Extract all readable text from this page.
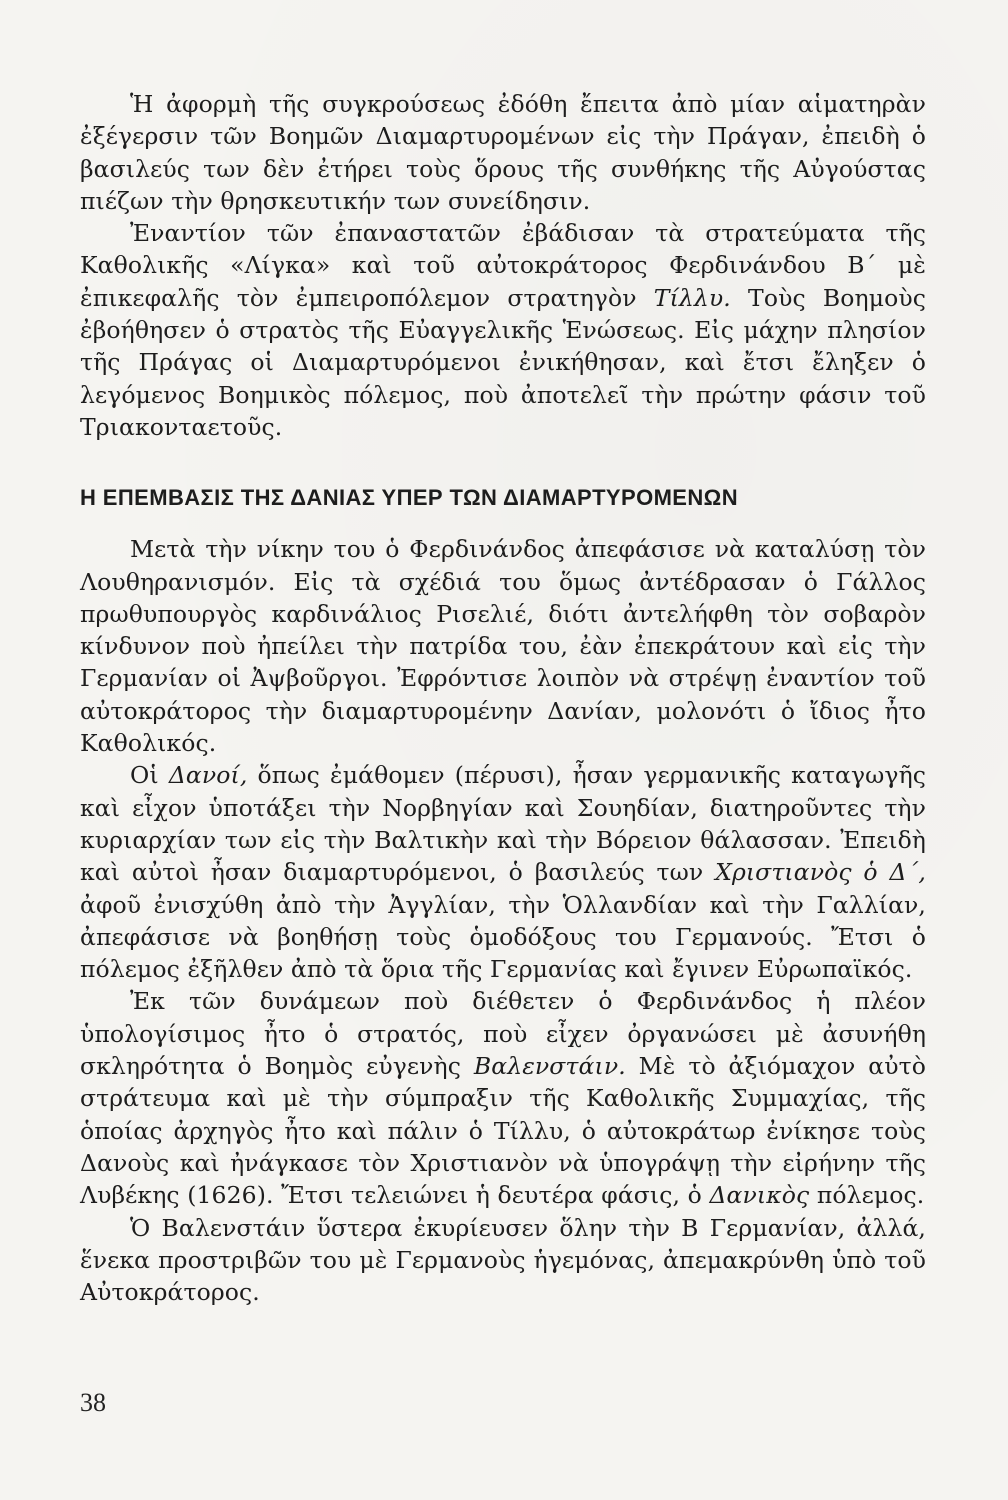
Ἡ ἀφορμὴ τῆς συγκρούσεως ἐδόθη ἔπειτα ἀπὸ μίαν αἱματηρὰν ἐξέγερσιν τῶν Βοημῶν Διαμαρτυρομένων εἰς τὴν Πράγαν, ἐπειδὴ ὁ βασιλεύς των δὲν ἐτήρει τοὺς ὅρους τῆς συνθήκης τῆς Αὐγούστας πιέζων τὴν θρησκευτικήν των συνείδησιν.

Ἐναντίον τῶν ἐπαναστατῶν ἐβάδισαν τὰ στρατεύματα τῆς Καθολικῆς «Λίγκα» καὶ τοῦ αὐτοκράτορος Φερδινάνδου Β΄ μὲ ἐπικεφαλῆς τὸν ἐμπειροπόλεμον στρατηγὸν Τίλλυ. Τοὺς Βοημοὺς ἐβοήθησεν ὁ στρατὸς τῆς Εὐαγγελικῆς Ἑνώσεως. Εἰς μάχην πλησίον τῆς Πράγας οἱ Διαμαρτυρόμενοι ἐνικήθησαν, καὶ ἔτσι ἔληξεν ὁ λεγόμενος Βοημικὸς πόλεμος, ποὺ ἀποτελεῖ τὴν πρώτην φάσιν τοῦ Τριακονταετοῦς.

Η ΕΠΕΜΒΑΣΙΣ ΤΗΣ ΔΑΝΙΑΣ ΥΠΕΡ ΤΩΝ ΔΙΑΜΑΡΤΥΡΟΜΕΝΩΝ

Μετὰ τὴν νίκην του ὁ Φερδινάνδος ἀπεφάσισε νὰ καταλύσῃ τὸν Λουθηρανισμόν. Εἰς τὰ σχέδιά του ὅμως ἀντέδρασαν ὁ Γάλλος πρωθυπουργὸς καρδινάλιος Ρισελιέ, διότι ἀντελήφθη τὸν σοβαρὸν κίνδυνον ποὺ ἠπείλει τὴν πατρίδα του, ἐὰν ἐπεκράτουν καὶ εἰς τὴν Γερμανίαν οἱ Ἀψβοῦργοι. Ἐφρόντισε λοιπὸν νὰ στρέψῃ ἐναντίον τοῦ αὐτοκράτορος τὴν διαμαρτυρομένην Δανίαν, μολονότι ὁ ἴδιος ἦτο Καθολικός.

Οἱ Δανοί, ὅπως ἐμάθομεν (πέρυσι), ἦσαν γερμανικῆς καταγωγῆς καὶ εἶχον ὑποτάξει τὴν Νορβηγίαν καὶ Σουηδίαν, διατηροῦντες τὴν κυριαρχίαν των εἰς τὴν Βαλτικὴν καὶ τὴν Βόρειον θάλασσαν. Ἐπειδὴ καὶ αὐτοὶ ἦσαν διαμαρτυρόμενοι, ὁ βασιλεύς των Χριστιανὸς ὁ Δ΄, ἀφοῦ ἐνισχύθη ἀπὸ τὴν Ἀγγλίαν, τὴν Ὁλλανδίαν καὶ τὴν Γαλλίαν, ἀπεφάσισε νὰ βοηθήσῃ τοὺς ὁμοδόξους του Γερμανούς. Ἔτσι ὁ πόλεμος ἐξῆλθεν ἀπὸ τὰ ὅρια τῆς Γερμανίας καὶ ἔγινεν Εὐρωπαϊκός.

Ἐκ τῶν δυνάμεων ποὺ διέθετεν ὁ Φερδινάνδος ἡ πλέον ὑπολογίσιμος ἦτο ὁ στρατός, ποὺ εἶχεν ὀργανώσει μὲ ἀσυνήθη σκληρότητα ὁ Βοημὸς εὐγενὴς Βαλενστάιν. Μὲ τὸ ἀξιόμαχον αὐτὸ στράτευμα καὶ μὲ τὴν σύμπραξιν τῆς Καθολικῆς Συμμαχίας, τῆς ὁποίας ἀρχηγὸς ἦτο καὶ πάλιν ὁ Τίλλυ, ὁ αὐτοκράτωρ ἐνίκησε τοὺς Δανοὺς καὶ ἠνάγκασε τὸν Χριστιανὸν νὰ ὑπογράψῃ τὴν εἰρήνην τῆς Λυβέκης (1626). Ἔτσι τελειώνει ἡ δευτέρα φάσις, ὁ Δανικὸς πόλεμος.

Ὁ Βαλενστάιν ὕστερα ἐκυρίευσεν ὅλην τὴν Β Γερμανίαν, ἀλλά, ἕνεκα προστριβῶν του μὲ Γερμανοὺς ἡγεμόνας, ἀπεμακρύνθη ὑπὸ τοῦ Αὐτοκράτορος.

38
